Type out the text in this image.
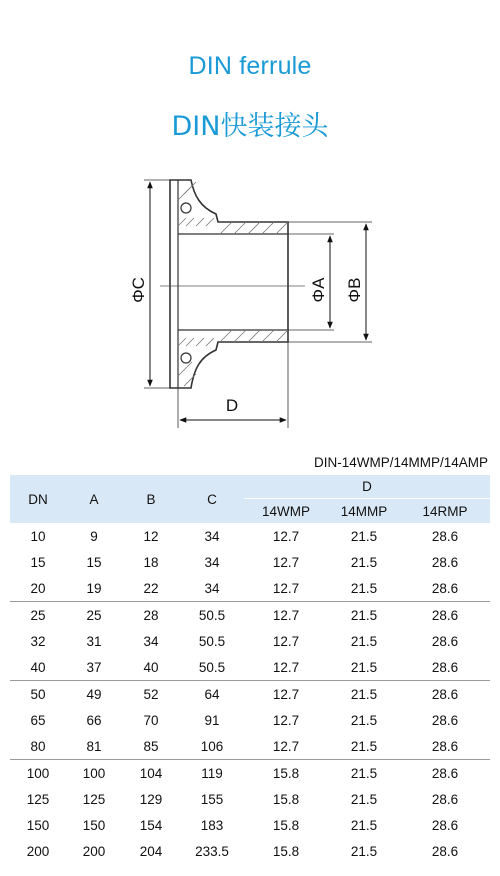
DIN ferrule
DIN快装接头
ΦC	ΦA ΦB
D
DIN-14WMP/14MMP/14AMP
DN	A	B	C	D		
				14WMP	14MMP	14RMP
10	9	12	34	12.7	21.5	28.6
15	15	18	34	12.7	21.5	28.6
20	19	22	34	12.7	21.5	28.6
25	25	28	50.5	12.7	21.5	28.6
32	31	34	50.5	12.7	21.5	28.6
40	37	40	50.5	12.7	21.5	28.6
50	49	52	64	12.7	21.5	28.6
65	66	70	91	12.7	21.5	28.6
80	81	85	106	12.7	21.5	28.6
100	100	104	119	15.8	21.5	28.6
125	125	129	155	15.8	21.5	28.6
150	150	154	183	15.8	21.5	28.6
200	200	204	233.5	15.8	21.5	28.6
